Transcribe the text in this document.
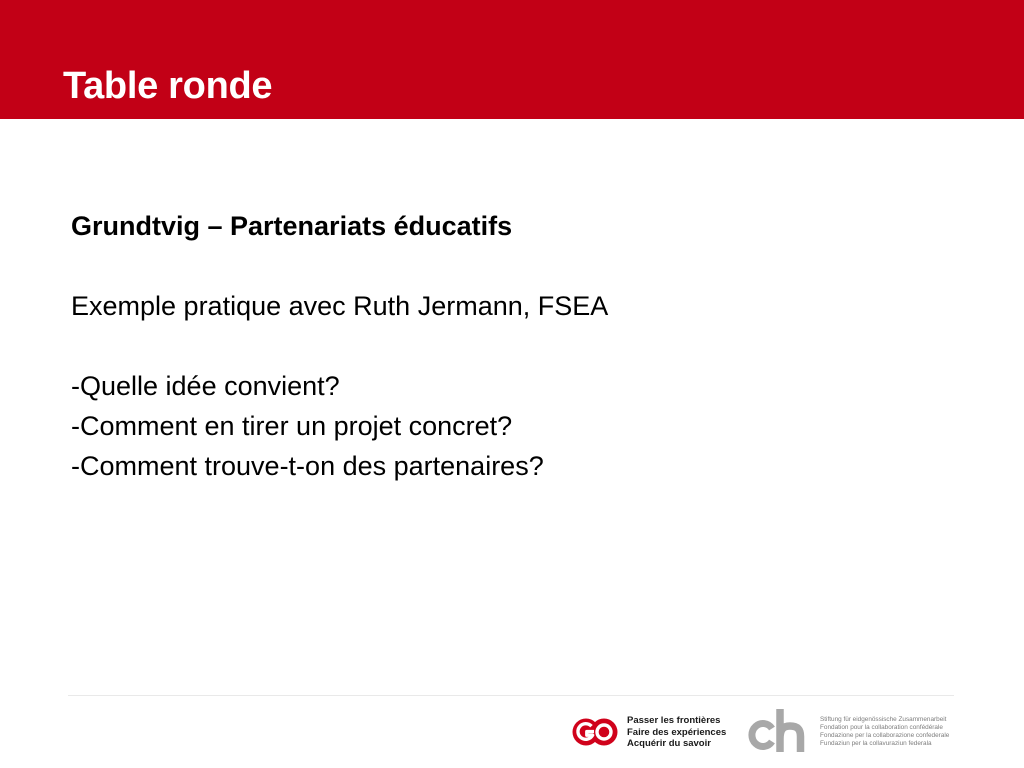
Table ronde

Grundtvig – Partenariats éducatifs

Exemple pratique avec Ruth Jermann, FSEA

-Quelle idée convient?

-Comment en tirer un projet concret?

-Comment trouve-t-on des partenaires?

Passer les frontières
Faire des expériences
Acquérir du savoir
Stiftung für eidgenössische Zusammenarbeit
Fondation pour la collaboration confédérale
Fondazione per la collaborazione confederale
Fundaziun per la collavuraziun federala
